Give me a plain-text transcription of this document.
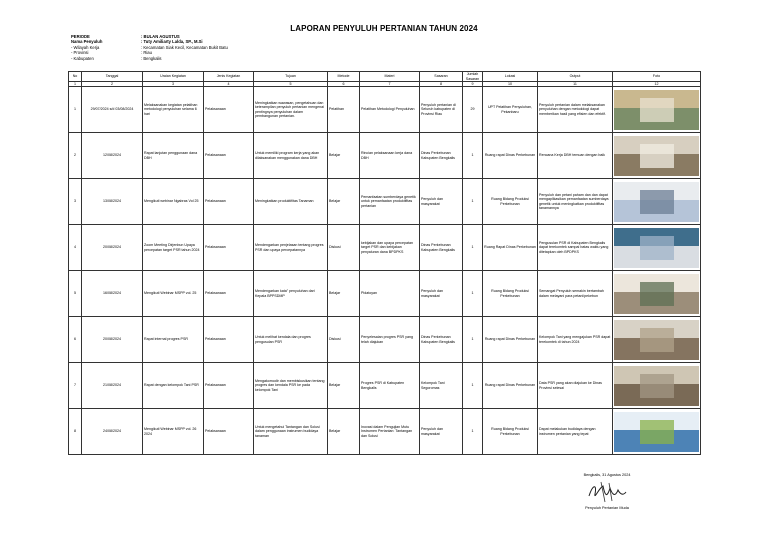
LAPORAN PENYULUH PERTANIAN TAHUN 2024
PERIODE	: BULAN AGUSTUS
Nama Penyuluh	: Tuty Amiliarty Lalda, SP., M.Si
- Wilayah Kerja	: Kecamatan Siak Kecil, Kecamatan Bukit Batu
- Provinsi	: Riau
- Kabupaten	: Bengkalis
No	Tanggal	Uraian Kegiatan	Jenis Kegiatan	Tujuan	Metode	Materi	Sasaran	Jumlah Sasaran	Lokasi	Output	Foto
1	2	3	4	5	6	7	8	9	10	11	12
1	29/07/2024 s/d 03/08/2024	Melaksanakan kegiatan pelatihan metodologi penyuluhan selama 6 hari	Pelaksanaan	Meningkatkan wawasan, pengetahuan dan keterampilan penyuluh pertanian mengenai pentingnya penyuluhan dalam pembangunan pertanian.	Pelatihan	Pelatihan Metodologi Penyuluhan	Penyuluh pertanian di Seluruh kabupaten di Provinsi Riau	29	UPT Pelatihan Penyuluhan, Pekanbaru	Penyuluh pertanian dalam melaksanakan penyuluhan dengan metodologi dapat memberikan hasil yang efisien dan efektif.	

2	12/08/2024	Rapat lanjutan penggunaan dana DBH	Pelaksanaan	Untuk memiliki program kerja yang akan dilaksanakan menggunakan dana DBH	Belajar	Rincian pelaksanaan kerja dana DBH	Dinas Perkebunan Kabupaten Bengkalis	1	Ruang rapat Dinas Perkebunan	Rencana Kerja DBH temuan dengan baik	

3	13/08/2024	Mengikuti webinar Ngabras Vol 25	Pelaksanaan	Meningkatkan produktifitas Tanaman	Belajar	Pemanfaatan sumberdaya genetik untuk pemanfaatan produktifitas pertanian	Penyuluh dan masyarakat	1	Ruang Bidang Produksi Perkebunan	Penyuluh dan petani paham dan dan dapat mengaplikasikan pemanfaatan sumberdaya genetik untuk meningkatkan produktifitas tanamannya	

4	20/08/2024	Zoom Meeting Dirjenbun Upaya percepatan target PSR tahun 2024	Pelaksanaan	Mendengarkan penjelasan tentang progres PSR dan upaya percepatannya	Diskusi	kebijakan dan upaya percepatan target PSR dan kebijakan penyaluran dana BPDPKS	Dinas Perkebunan Kabupaten Bengkalis	1	Ruang Rapat Dinas Perkebunan	Pengusulan PSR di Kabupaten Bengkalis dapat terekomtek sampai batas waktu yang ditetapkan oleh BPDPKS	

5	16/08/2024	Mengikuti Webinar MSPP vol. 25	Pelaksanaan	Mendengarkan kata" penyuluhan dari Kepala BPPSDMP	Belajar	Pidatoyan	Penyuluh dan masyarakat	1	Ruang Bidang Produksi Perkebunan	Semangat Penyuluh semakin bertambah dalam melayani para petani/pekebun	

6	20/08/2024	Rapat internal progres PSR	Pelaksanaan	Untuk melihat kendala dan progres pengusulan PSR	Diskusi	Penyelesaian progres PSR yang telah diajukan	Dinas Perkebunan Kabupaten Bengkalis	1	Ruang rapat Dinas Perkebunan	Kelompok Tani yang mengajukan PSR dapat terekomtek di tahun 2024	

7	21/08/2024	Rapat dengan kelompok Tani PSR	Pelaksanaan	Mengakomodir dan membiskusikan tentang progres dan kendala PSR ke pada kelompok Tani	Belajar	Progres PSR di Kabupaten Bengkalis	Kelompok Tani Segoromas	1	Ruang rapat Dinas Perkebunan	Data PSR yang akan diajukan ke Dinas Provinsi selesai	

8	24/08/2024	Mengikuti Webinar MSPP vol. 26 2024	Pelaksanaan	Untuk mengetahui Tantangan dan Solusi dalam penggunaan instrumen budidaya tanaman	Belajar	Inovasi dalam Pengujian Mutu Instrumen Pertanian: Tantangan dan Solusi	Penyuluh dan masyarakat	1	Ruang Bidang Produksi Perkebunan	Dapat melakukan budidaya dengan instrumen pertanian yang tepat	
Bengkalis, 31 Agustus 2024
Penyuluh Pertanian Muda
